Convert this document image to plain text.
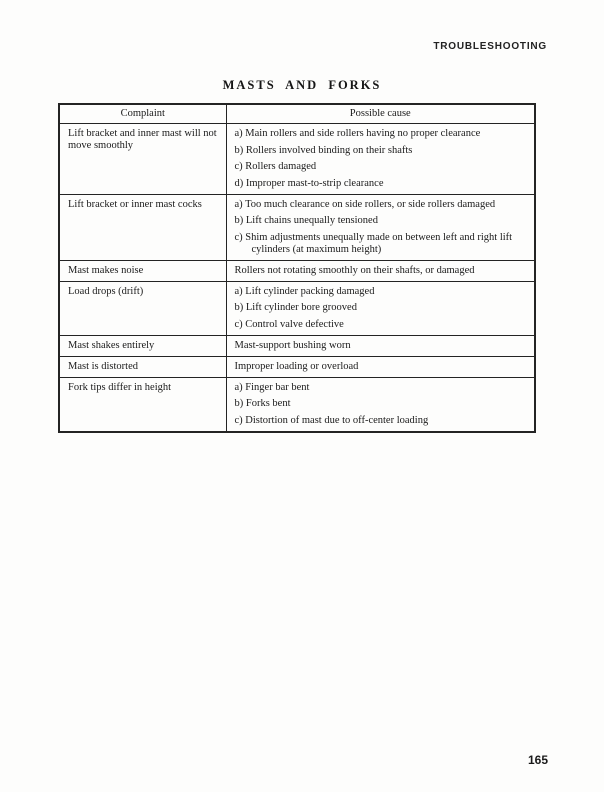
TROUBLESHOOTING
MASTS AND FORKS
Complaint	Possible cause
Lift bracket and inner mast will not move smoothly	a) Main rollers and side rollers having no proper clearance
b) Rollers involved binding on their shafts
c) Rollers damaged
d) Improper mast-to-strip clearance

Lift bracket or inner mast cocks	a) Too much clearance on side rollers, or side rollers damaged
b) Lift chains unequally tensioned
c) Shim adjustments unequally made on between left and right lift cylinders (at maximum height)

Mast makes noise	Rollers not rotating smoothly on their shafts, or damaged

Load drops (drift)	a) Lift cylinder packing damaged
b) Lift cylinder bore grooved
c) Control valve defective

Mast shakes entirely	Mast-support bushing worn

Mast is distorted	Improper loading or overload

Fork tips differ in height	a) Finger bar bent
b) Forks bent
c) Distortion of mast due to off-center loading
165
